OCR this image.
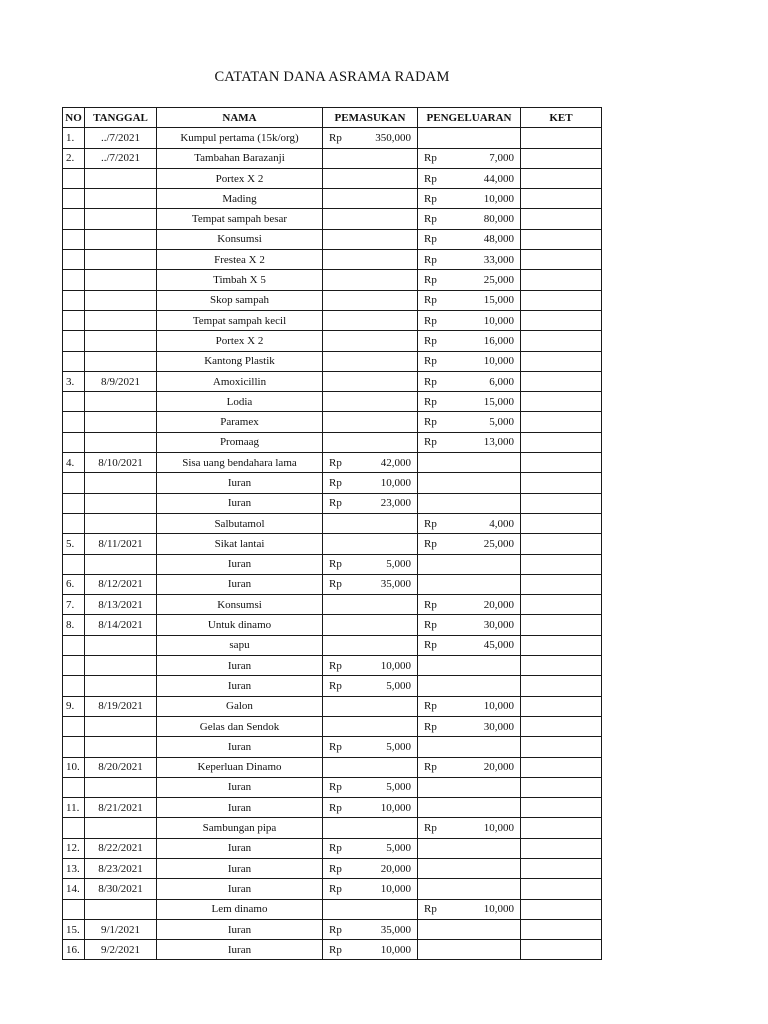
CATATAN DANA ASRAMA RADAM
NO	TANGGAL	NAMA	PEMASUKAN	PENGELUARAN	KET
1.	../7/2021	Kumpul pertama (15k/org)	Rp 350,000		

2.	../7/2021	Tambahan Barazanji		Rp 7,000	

		Portex X 2		Rp 44,000	

		Mading		Rp 10,000	

		Tempat sampah besar		Rp 80,000	

		Konsumsi		Rp 48,000	

		Frestea X 2		Rp 33,000	

		Timbah X 5		Rp 25,000	

		Skop sampah		Rp 15,000	

		Tempat sampah kecil		Rp 10,000	

		Portex X 2		Rp 16,000	

		Kantong Plastik		Rp 10,000	

3.	8/9/2021	Amoxicillin		Rp 6,000	

		Lodia		Rp 15,000	

		Paramex		Rp 5,000	

		Promaag		Rp 13,000	

4.	8/10/2021	Sisa uang bendahara lama	Rp 42,000		

		Iuran	Rp 10,000		

		Iuran	Rp 23,000		

		Salbutamol		Rp 4,000	

5.	8/11/2021	Sikat lantai		Rp 25,000	

		Iuran	Rp 5,000		

6.	8/12/2021	Iuran	Rp 35,000		

7.	8/13/2021	Konsumsi		Rp 20,000	

8.	8/14/2021	Untuk dinamo		Rp 30,000	

		sapu		Rp 45,000	

		Iuran	Rp 10,000		

		Iuran	Rp 5,000		

9.	8/19/2021	Galon		Rp 10,000	

		Gelas dan Sendok		Rp 30,000	

		Iuran	Rp 5,000		

10.	8/20/2021	Keperluan Dinamo		Rp 20,000	

		Iuran	Rp 5,000		

11.	8/21/2021	Iuran	Rp 10,000		

		Sambungan pipa		Rp 10,000	

12.	8/22/2021	Iuran	Rp 5,000		

13.	8/23/2021	Iuran	Rp 20,000		

14.	8/30/2021	Iuran	Rp 10,000		

		Lem dinamo		Rp 10,000	

15.	9/1/2021	Iuran	Rp 35,000		

16.	9/2/2021	Iuran	Rp 10,000		
